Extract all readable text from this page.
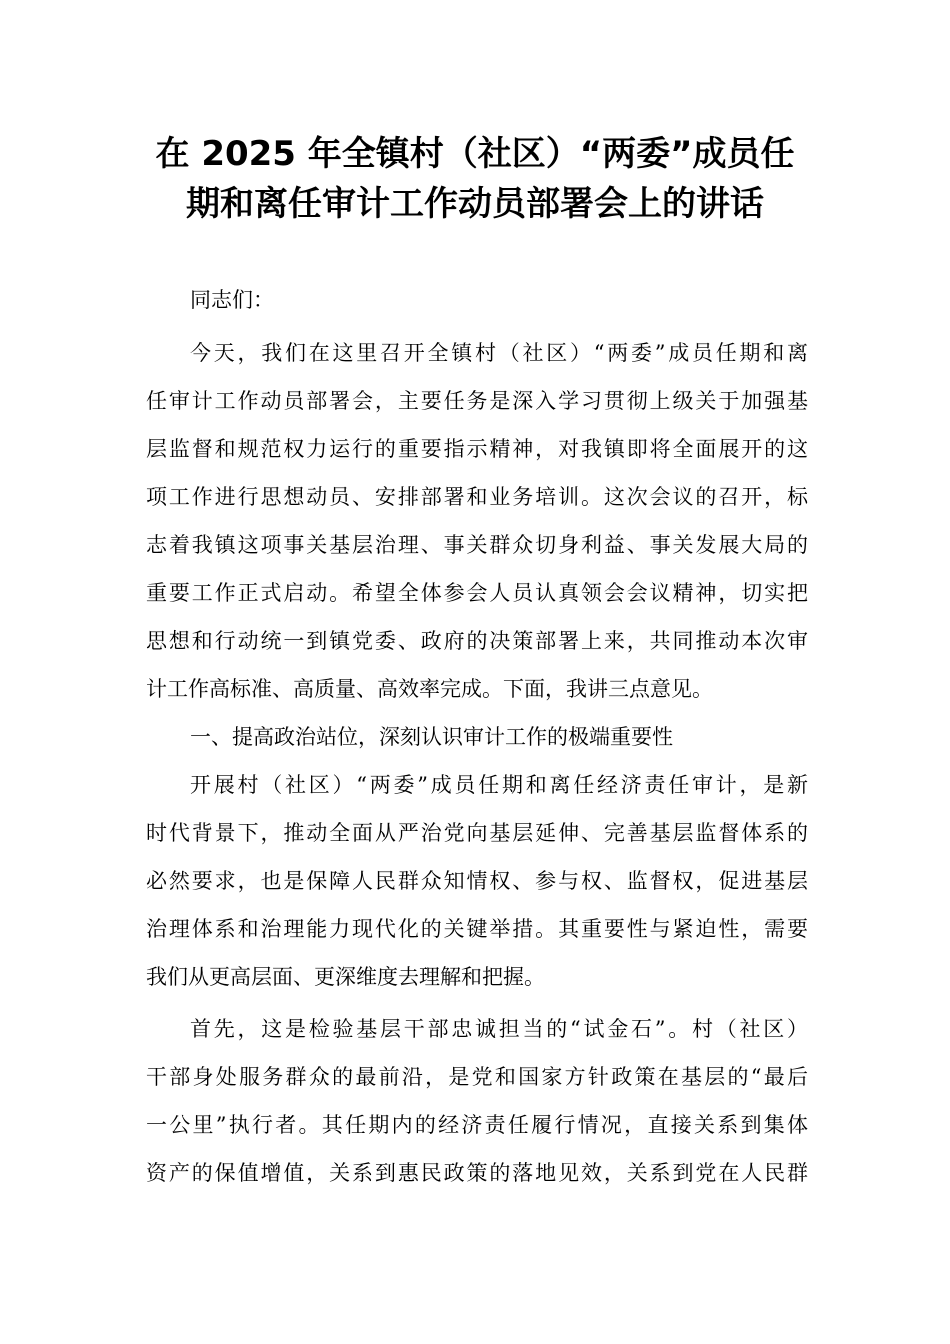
在 2025 年全镇村（社区）“两委”成员任
期和离任审计工作动员部署会上的讲话
同志们：
今天，我们在这里召开全镇村（社区）“两委”成员任期和离
任审计工作动员部署会，主要任务是深入学习贯彻上级关于加强基
层监督和规范权力运行的重要指示精神，对我镇即将全面展开的这
项工作进行思想动员、安排部署和业务培训。这次会议的召开，标
志着我镇这项事关基层治理、事关群众切身利益、事关发展大局的
重要工作正式启动。希望全体参会人员认真领会会议精神，切实把
思想和行动统一到镇党委、政府的决策部署上来，共同推动本次审
计工作高标准、高质量、高效率完成。下面，我讲三点意见。
一、提高政治站位，深刻认识审计工作的极端重要性
开展村（社区）“两委”成员任期和离任经济责任审计，是新
时代背景下，推动全面从严治党向基层延伸、完善基层监督体系的
必然要求，也是保障人民群众知情权、参与权、监督权，促进基层
治理体系和治理能力现代化的关键举措。其重要性与紧迫性，需要
我们从更高层面、更深维度去理解和把握。
首先，这是检验基层干部忠诚担当的“试金石”。村（社区）
干部身处服务群众的最前沿，是党和国家方针政策在基层的“最后
一公里”执行者。其任期内的经济责任履行情况，直接关系到集体
资产的保值增值，关系到惠民政策的落地见效，关系到党在人民群
